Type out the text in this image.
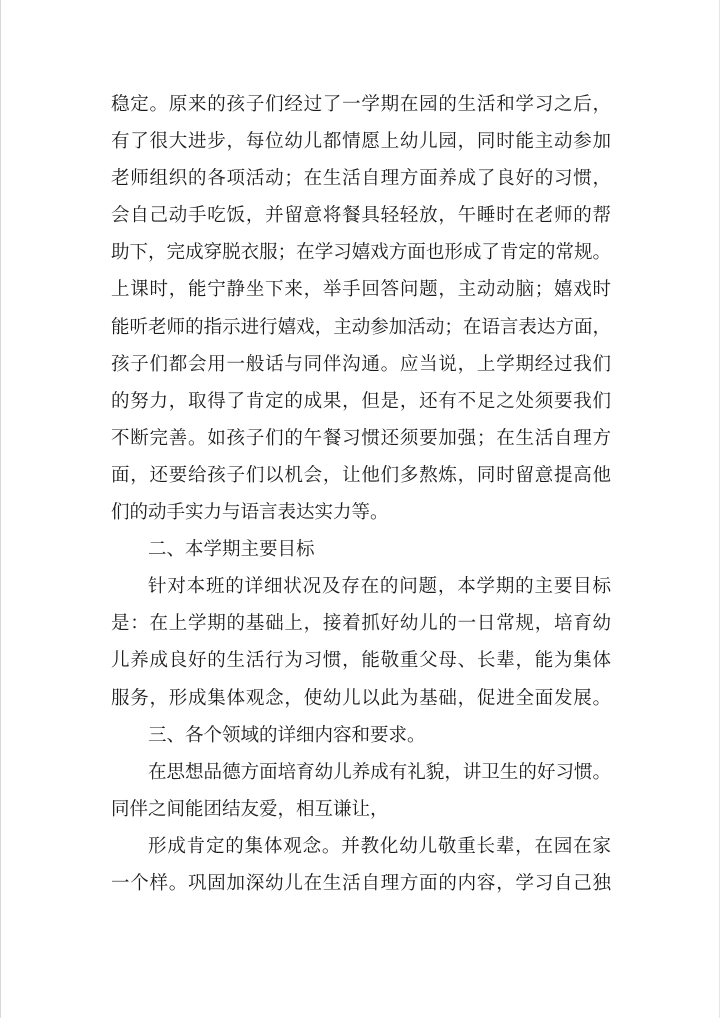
稳定。原来的孩子们经过了一学期在园的生活和学习之后，
有了很大进步，每位幼儿都情愿上幼儿园，同时能主动参加
老师组织的各项活动；在生活自理方面养成了良好的习惯，
会自己动手吃饭，并留意将餐具轻轻放，午睡时在老师的帮
助下，完成穿脱衣服；在学习嬉戏方面也形成了肯定的常规。
上课时，能宁静坐下来，举手回答问题，主动动脑；嬉戏时
能听老师的指示进行嬉戏，主动参加活动；在语言表达方面，
孩子们都会用一般话与同伴沟通。应当说，上学期经过我们
的努力，取得了肯定的成果，但是，还有不足之处须要我们
不断完善。如孩子们的午餐习惯还须要加强；在生活自理方
面，还要给孩子们以机会，让他们多熬炼，同时留意提高他
们的动手实力与语言表达实力等。
二、本学期主要目标
针对本班的详细状况及存在的问题，本学期的主要目标
是：在上学期的基础上，接着抓好幼儿的一日常规，培育幼
儿养成良好的生活行为习惯，能敬重父母、长辈，能为集体
服务，形成集体观念，使幼儿以此为基础，促进全面发展。
三、各个领域的详细内容和要求。
在思想品德方面培育幼儿养成有礼貌，讲卫生的好习惯。
同伴之间能团结友爱，相互谦让，
形成肯定的集体观念。并教化幼儿敬重长辈，在园在家
一个样。巩固加深幼儿在生活自理方面的内容，学习自己独
